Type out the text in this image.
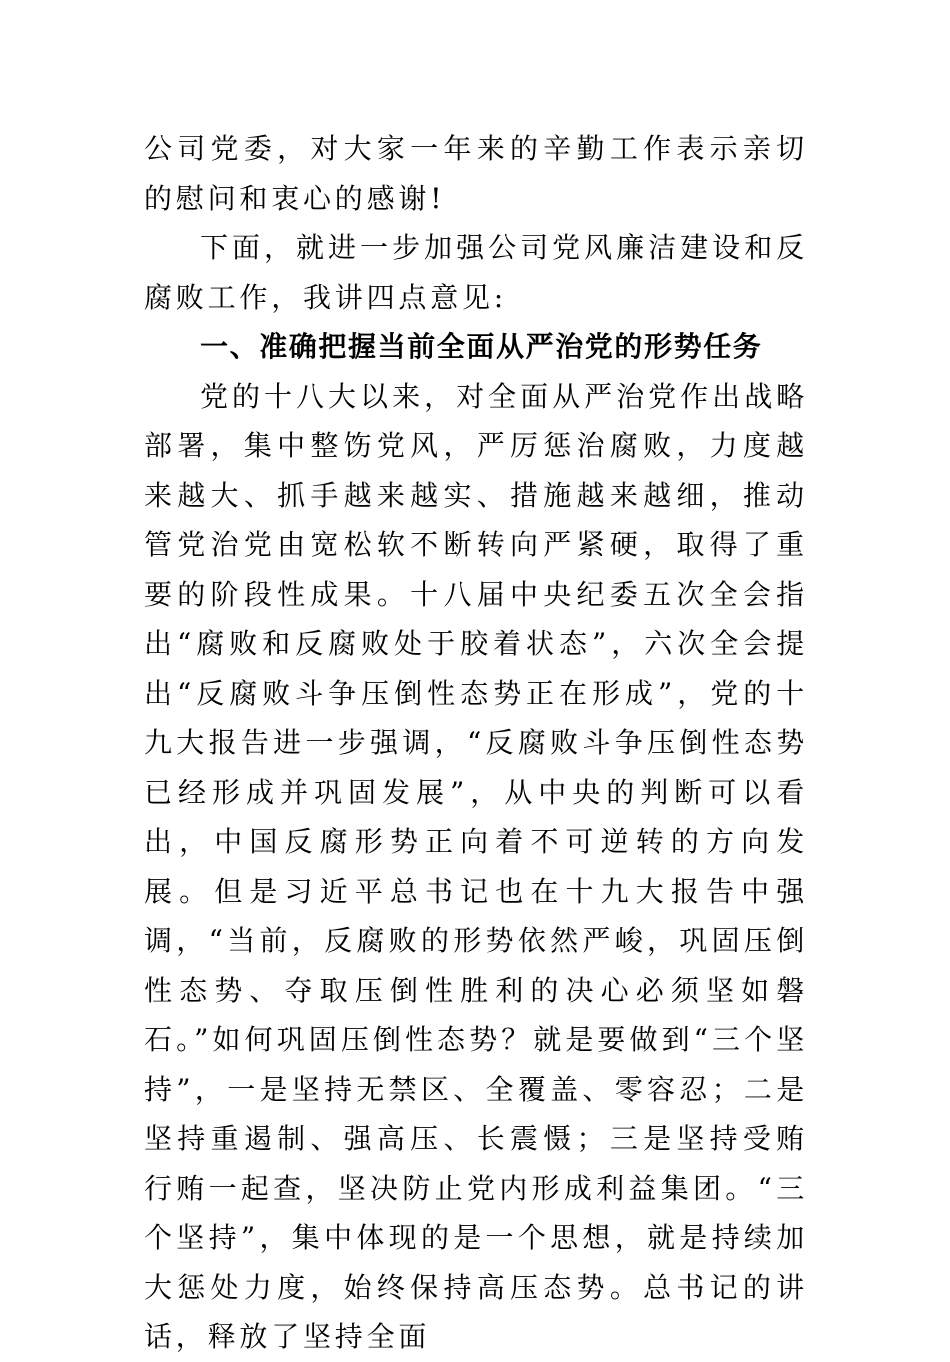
公司党委，对大家一年来的辛勤工作表示亲切的慰问和衷心的感谢!

下面，就进一步加强公司党风廉洁建设和反腐败工作，我讲四点意见:

一、准确把握当前全面从严治党的形势任务

党的十八大以来，对全面从严治党作出战略部署，集中整饬党风，严厉惩治腐败，力度越来越大、抓手越来越实、措施越来越细，推动管党治党由宽松软不断转向严紧硬，取得了重要的阶段性成果。十八届中央纪委五次全会指出“腐败和反腐败处于胶着状态”，六次全会提出“反腐败斗争压倒性态势正在形成”，党的十九大报告进一步强调，“反腐败斗争压倒性态势已经形成并巩固发展”，从中央的判断可以看出，中国反腐形势正向着不可逆转的方向发展。但是习近平总书记也在十九大报告中强调，“当前，反腐败的形势依然严峻，巩固压倒性态势、夺取压倒性胜利的决心必须坚如磐石。”如何巩固压倒性态势？就是要做到“三个坚持”，一是坚持无禁区、全覆盖、零容忍；二是坚持重遏制、强高压、长震慑；三是坚持受贿行贿一起查，坚决防止党内形成利益集团。“三个坚持”，集中体现的是一个思想，就是持续加大惩处力度，始终保持高压态势。总书记的讲话，释放了坚持全面
